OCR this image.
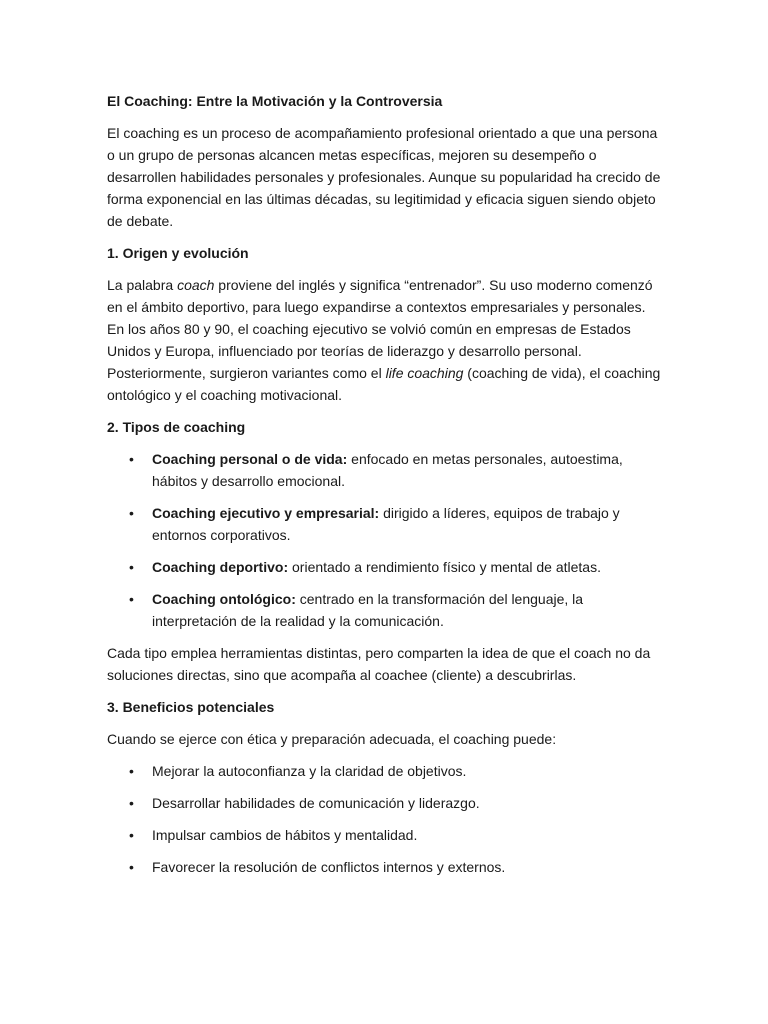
El Coaching: Entre la Motivación y la Controversia

El coaching es un proceso de acompañamiento profesional orientado a que una persona o un grupo de personas alcancen metas específicas, mejoren su desempeño o desarrollen habilidades personales y profesionales. Aunque su popularidad ha crecido de forma exponencial en las últimas décadas, su legitimidad y eficacia siguen siendo objeto de debate.

1. Origen y evolución

La palabra coach proviene del inglés y significa “entrenador”. Su uso moderno comenzó en el ámbito deportivo, para luego expandirse a contextos empresariales y personales. En los años 80 y 90, el coaching ejecutivo se volvió común en empresas de Estados Unidos y Europa, influenciado por teorías de liderazgo y desarrollo personal. Posteriormente, surgieron variantes como el life coaching (coaching de vida), el coaching ontológico y el coaching motivacional.

2. Tipos de coaching

• Coaching personal o de vida: enfocado en metas personales, autoestima, hábitos y desarrollo emocional.
• Coaching ejecutivo y empresarial: dirigido a líderes, equipos de trabajo y entornos corporativos.
• Coaching deportivo: orientado a rendimiento físico y mental de atletas.
• Coaching ontológico: centrado en la transformación del lenguaje, la interpretación de la realidad y la comunicación.

Cada tipo emplea herramientas distintas, pero comparten la idea de que el coach no da soluciones directas, sino que acompaña al coachee (cliente) a descubrirlas.

3. Beneficios potenciales

Cuando se ejerce con ética y preparación adecuada, el coaching puede:

• Mejorar la autoconfianza y la claridad de objetivos.
• Desarrollar habilidades de comunicación y liderazgo.
• Impulsar cambios de hábitos y mentalidad.
• Favorecer la resolución de conflictos internos y externos.
